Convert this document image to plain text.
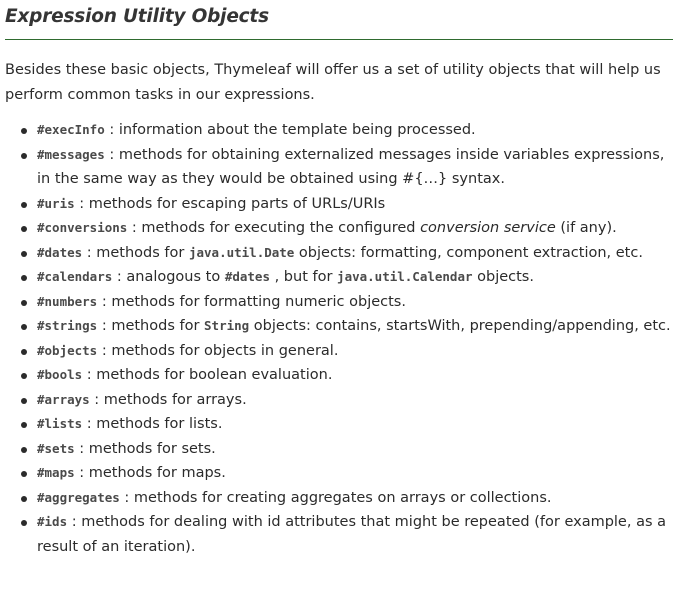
Expression Utility Objects

Besides these basic objects, Thymeleaf will offer us a set of utility objects that will help us perform common tasks in our expressions.

#execInfo : information about the template being processed.
#messages : methods for obtaining externalized messages inside variables expressions, in the same way as they would be obtained using #{…} syntax.
#uris : methods for escaping parts of URLs/URIs
#conversions : methods for executing the configured conversion service (if any).
#dates : methods for java.util.Date objects: formatting, component extraction, etc.
#calendars : analogous to #dates , but for java.util.Calendar objects.
#numbers : methods for formatting numeric objects.
#strings : methods for String objects: contains, startsWith, prepending/appending, etc.
#objects : methods for objects in general.
#bools : methods for boolean evaluation.
#arrays : methods for arrays.
#lists : methods for lists.
#sets : methods for sets.
#maps : methods for maps.
#aggregates : methods for creating aggregates on arrays or collections.
#ids : methods for dealing with id attributes that might be repeated (for example, as a result of an iteration).
